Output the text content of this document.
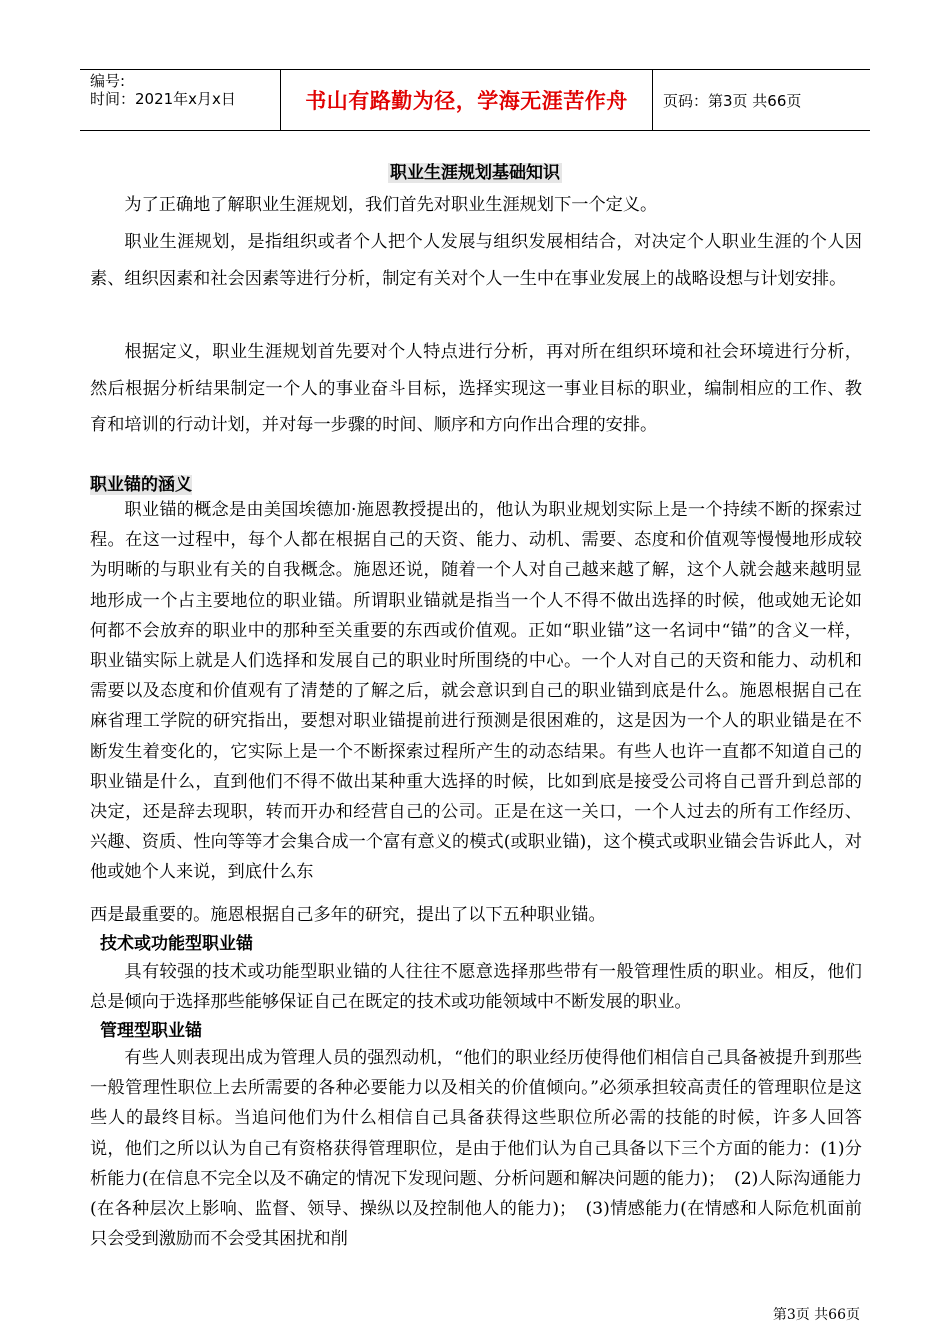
编号:
时间：2021年x月x日	书山有路勤为径，学海无涯苦作舟 页码：第3页 共66页
职业生涯规划基础知识
为了正确地了解职业生涯规划，我们首先对职业生涯规划下一个定义。
职业生涯规划，是指组织或者个人把个人发展与组织发展相结合，对决定个人职业生涯的个人因素、组织因素和社会因素等进行分析，制定有关对个人一生中在事业发展上的战略设想与计划安排。
根据定义，职业生涯规划首先要对个人特点进行分析，再对所在组织环境和社会环境进行分析，然后根据分析结果制定一个人的事业奋斗目标，选择实现这一事业目标的职业，编制相应的工作、教育和培训的行动计划，并对每一步骤的时间、顺序和方向作出合理的安排。
职业锚的涵义
职业锚的概念是由美国埃德加·施恩教授提出的，他认为职业规划实际上是一个持续不断的探索过程。在这一过程中，每个人都在根据自己的天资、能力、动机、需要、态度和价值观等慢慢地形成较为明晰的与职业有关的自我概念。施恩还说，随着一个人对自己越来越了解，这个人就会越来越明显地形成一个占主要地位的职业锚。所谓职业锚就是指当一个人不得不做出选择的时候，他或她无论如何都不会放弃的职业中的那种至关重要的东西或价值观。正如“职业锚”这一名词中“锚”的含义一样，职业锚实际上就是人们选择和发展自己的职业时所围绕的中心。一个人对自己的天资和能力、动机和需要以及态度和价值观有了清楚的了解之后，就会意识到自己的职业锚到底是什么。施恩根据自己在麻省理工学院的研究指出，要想对职业锚提前进行预测是很困难的，这是因为一个人的职业锚是在不断发生着变化的，它实际上是一个不断探索过程所产生的动态结果。有些人也许一直都不知道自己的职业锚是什么，直到他们不得不做出某种重大选择的时候，比如到底是接受公司将自己晋升到总部的决定，还是辞去现职，转而开办和经营自己的公司。正是在这一关口，一个人过去的所有工作经历、兴趣、资质、性向等等才会集合成一个富有意义的模式(或职业锚)，这个模式或职业锚会告诉此人，对他或她个人来说，到底什么东
西是最重要的。施恩根据自己多年的研究，提出了以下五种职业锚。
技术或功能型职业锚
具有较强的技术或功能型职业锚的人往往不愿意选择那些带有一般管理性质的职业。相反，他们总是倾向于选择那些能够保证自己在既定的技术或功能领域中不断发展的职业。
管理型职业锚
有些人则表现出成为管理人员的强烈动机，“他们的职业经历使得他们相信自己具备被提升到那些一般管理性职位上去所需要的各种必要能力以及相关的价值倾向。”必须承担较高责任的管理职位是这些人的最终目标。当追问他们为什么相信自己具备获得这些职位所必需的技能的时候，许多人回答说，他们之所以认为自己有资格获得管理职位，是由于他们认为自己具备以下三个方面的能力：(1)分析能力(在信息不完全以及不确定的情况下发现问题、分析问题和解决问题的能力)；　(2)人际沟通能力(在各种层次上影响、监督、领导、操纵以及控制他人的能力)；　(3)情感能力(在情感和人际危机面前只会受到激励而不会受其困扰和削
第3页 共66页
